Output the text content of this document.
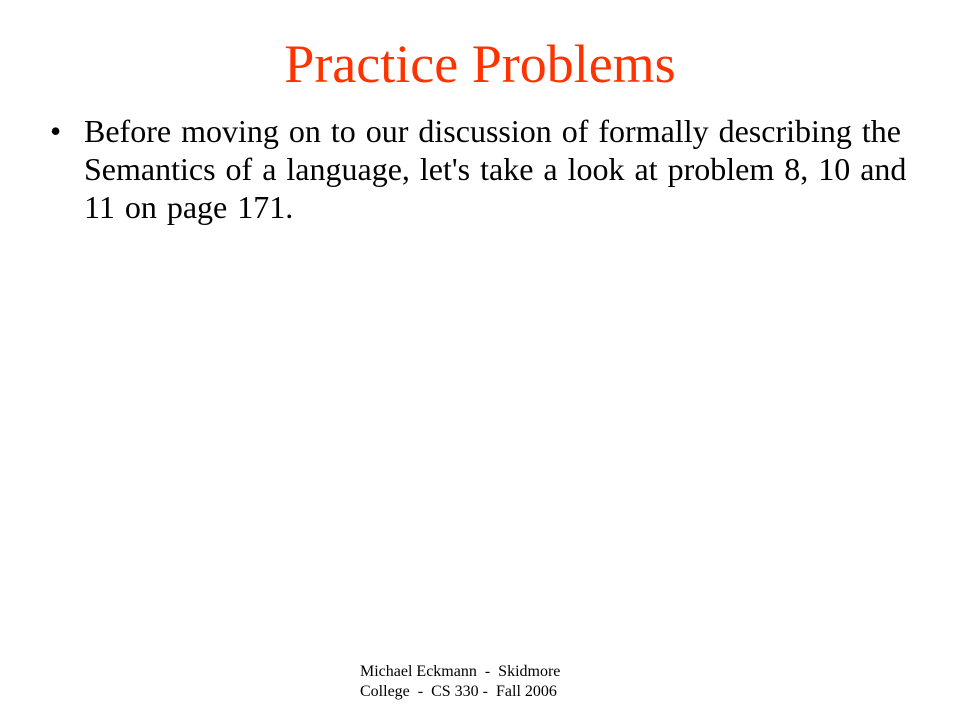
Practice Problems
• Before moving on to our discussion of formally describing the Semantics of a language, let's take a look at problem 8, 10 and 11 on page 171.
Michael Eckmann  -  Skidmore
College  -  CS 330 -  Fall 2006
